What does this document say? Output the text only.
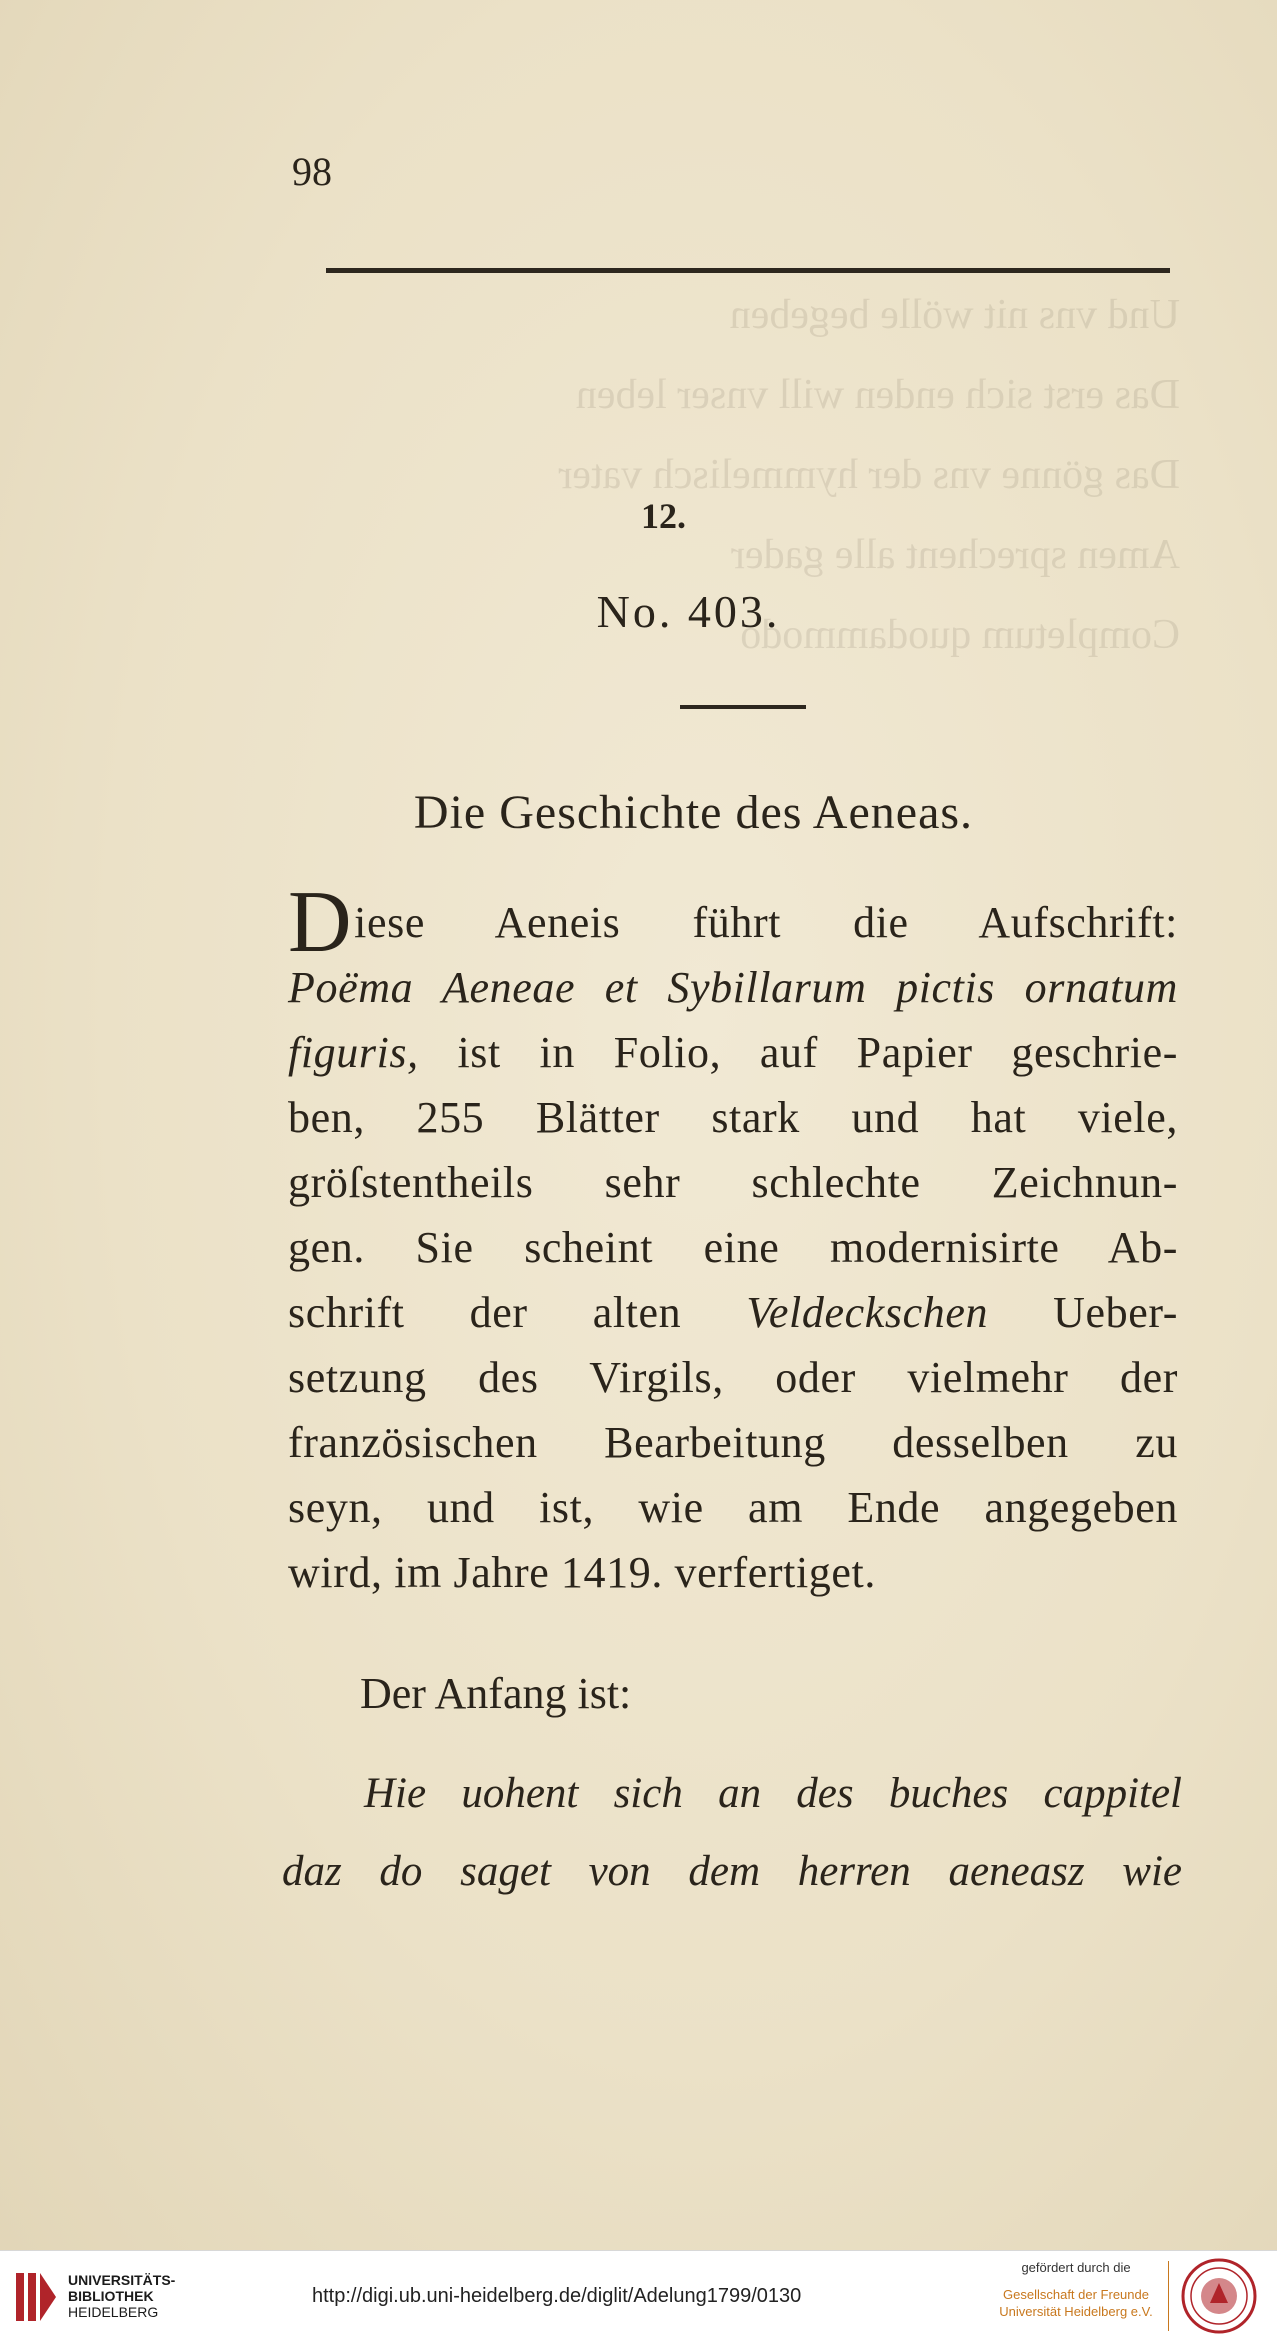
Und vns nit wölle begeben
Das erst sich enden will vnser leben
Das gönne vns der hymmelisch vater
Amen sprechent alle gader
Completum quodammodo
98
12.
No. 403.
Die Geschichte des Aeneas.
Diese Aeneis führt die Aufschrift:
Poëma Aeneae et Sybillarum pictis ornatum
figuris, ist in Folio, auf Papier geschrie-
ben, 255 Blätter stark und hat viele,
gröſstentheils sehr schlechte Zeichnun-
gen. Sie scheint eine modernisirte Ab-
schrift der alten Veldeckschen Ueber-
setzung des Virgils, oder vielmehr der
französischen Bearbeitung desselben zu
seyn, und ist, wie am Ende angegeben
wird, im Jahre 1419. verfertiget.
Der Anfang ist:
Hie uohent sich an des buches cappitel
daz do saget von dem herren aeneasz wie
UNIVERSITÄTS-
BIBLIOTHEK
HEIDELBERG
http://digi.ub.uni-heidelberg.de/diglit/Adelung1799/0130
gefördert durch die
Gesellschaft der Freunde
Universität Heidelberg e.V.
